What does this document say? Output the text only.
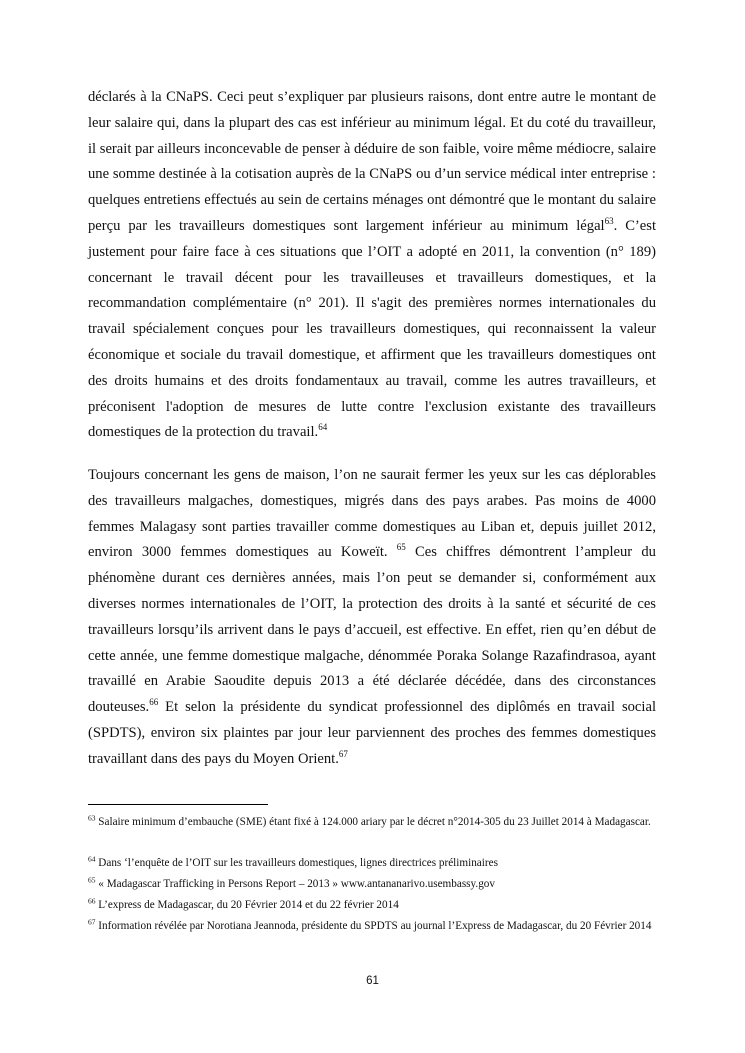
déclarés à la CNaPS. Ceci peut s’expliquer par plusieurs raisons, dont entre autre le montant de leur salaire qui, dans la plupart des cas est inférieur au minimum légal. Et du coté du travailleur, il serait par ailleurs inconcevable de penser à déduire de son faible, voire même médiocre, salaire une somme destinée à la cotisation auprès de la CNaPS ou d’un service médical inter entreprise : quelques entretiens effectués au sein de certains ménages ont démontré que le montant du salaire perçu par les travailleurs domestiques sont largement inférieur au minimum légal$^{63}$. C’est justement pour faire face à ces situations que l’OIT a adopté en 2011, la convention (n° 189) concernant le travail décent pour les travailleuses et travailleurs domestiques, et la recommandation complémentaire (n° 201). Il s'agit des premières normes internationales du travail spécialement conçues pour les travailleurs domestiques, qui reconnaissent la valeur économique et sociale du travail domestique, et affirment que les travailleurs domestiques ont des droits humains et des droits fondamentaux au travail, comme les autres travailleurs, et préconisent l'adoption de mesures de lutte contre l'exclusion existante des travailleurs domestiques de la protection du travail.$^{64}$

Toujours concernant les gens de maison, l’on ne saurait fermer les yeux sur les cas déplorables des travailleurs malgaches, domestiques, migrés dans des pays arabes. Pas moins de 4000 femmes Malagasy sont parties travailler comme domestiques au Liban et, depuis juillet 2012, environ 3000 femmes domestiques au Koweït. $^{65}$ Ces chiffres démontrent l’ampleur du phénomène durant ces dernières années, mais l’on peut se demander si, conformément aux diverses normes internationales de l’OIT, la protection des droits à la santé et sécurité de ces travailleurs lorsqu’ils arrivent dans le pays d’accueil, est effective. En effet, rien qu’en début de cette année, une femme domestique malgache, dénommée Poraka Solange Razafindrasoa, ayant travaillé en Arabie Saoudite depuis 2013 a été déclarée décédée, dans des circonstances douteuses.$^{66}$ Et selon la présidente du syndicat professionnel des diplômés en travail social (SPDTS), environ six plaintes par jour leur parviennent des proches des femmes domestiques travaillant dans des pays du Moyen Orient.$^{67}$

$^{63}$ Salaire minimum d’embauche (SME) étant fixé à 124.000 ariary par le décret n°2014-305 du 23 Juillet 2014 à Madagascar.

$^{64}$ Dans ‘l’enquête de l’OIT sur les travailleurs domestiques, lignes directrices préliminaires

$^{65}$ « Madagascar Trafficking in Persons Report – 2013 » www.antananarivo.usembassy.gov

$^{66}$ L’express de Madagascar, du 20 Février 2014 et du 22 février 2014

$^{67}$ Information révélée par Norotiana Jeannoda, présidente du SPDTS au journal l’Express de Madagascar, du 20 Février 2014

61
